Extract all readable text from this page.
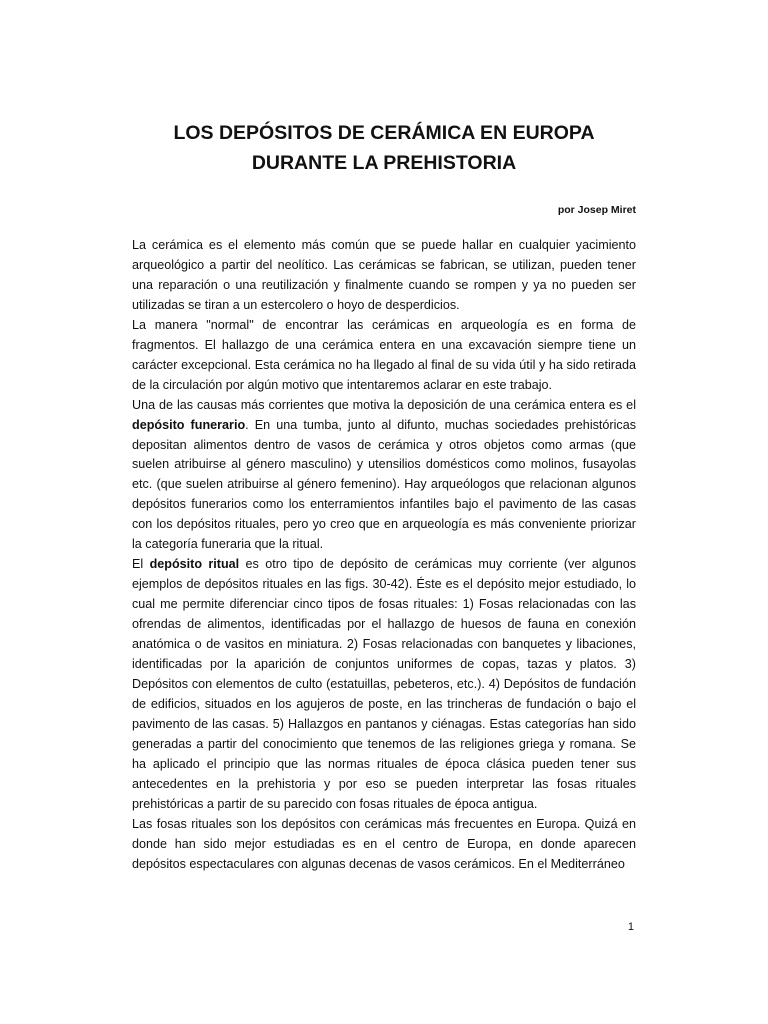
LOS DEPÓSITOS DE CERÁMICA EN EUROPA
DURANTE LA PREHISTORIA
por Josep Miret

La cerámica es el elemento más común que se puede hallar en cualquier yacimiento arqueológico a partir del neolítico. Las cerámicas se fabrican, se utilizan, pueden tener una reparación o una reutilización y finalmente cuando se rompen y ya no pueden ser utilizadas se tiran a un estercolero o hoyo de desperdicios.

La manera "normal" de encontrar las cerámicas en arqueología es en forma de fragmentos. El hallazgo de una cerámica entera en una excavación siempre tiene un carácter excepcional. Esta cerámica no ha llegado al final de su vida útil y ha sido retirada de la circulación por algún motivo que intentaremos aclarar en este trabajo.

Una de las causas más corrientes que motiva la deposición de una cerámica entera es el depósito funerario. En una tumba, junto al difunto, muchas sociedades prehistóricas depositan alimentos dentro de vasos de cerámica y otros objetos como armas (que suelen atribuirse al género masculino) y utensilios domésticos como molinos, fusayolas etc. (que suelen atribuirse al género femenino). Hay arqueólogos que relacionan algunos depósitos funerarios como los enterramientos infantiles bajo el pavimento de las casas con los depósitos rituales, pero yo creo que en arqueología es más conveniente priorizar la categoría funeraria que la ritual.

El depósito ritual es otro tipo de depósito de cerámicas muy corriente (ver algunos ejemplos de depósitos rituales en las figs. 30-42). Éste es el depósito mejor estudiado, lo cual me permite diferenciar cinco tipos de fosas rituales: 1) Fosas relacionadas con las ofrendas de alimentos, identificadas por el hallazgo de huesos de fauna en conexión anatómica o de vasitos en miniatura. 2) Fosas relacionadas con banquetes y libaciones, identificadas por la aparición de conjuntos uniformes de copas, tazas y platos. 3) Depósitos con elementos de culto (estatuillas, pebeteros, etc.). 4) Depósitos de fundación de edificios, situados en los agujeros de poste, en las trincheras de fundación o bajo el pavimento de las casas. 5) Hallazgos en pantanos y ciénagas. Estas categorías han sido generadas a partir del conocimiento que tenemos de las religiones griega y romana. Se ha aplicado el principio que las normas rituales de época clásica pueden tener sus antecedentes en la prehistoria y por eso se pueden interpretar las fosas rituales prehistóricas a partir de su parecido con fosas rituales de época antigua.

Las fosas rituales son los depósitos con cerámicas más frecuentes en Europa. Quizá en donde han sido mejor estudiadas es en el centro de Europa, en donde aparecen depósitos espectaculares con algunas decenas de vasos cerámicos. En el Mediterráneo

1
